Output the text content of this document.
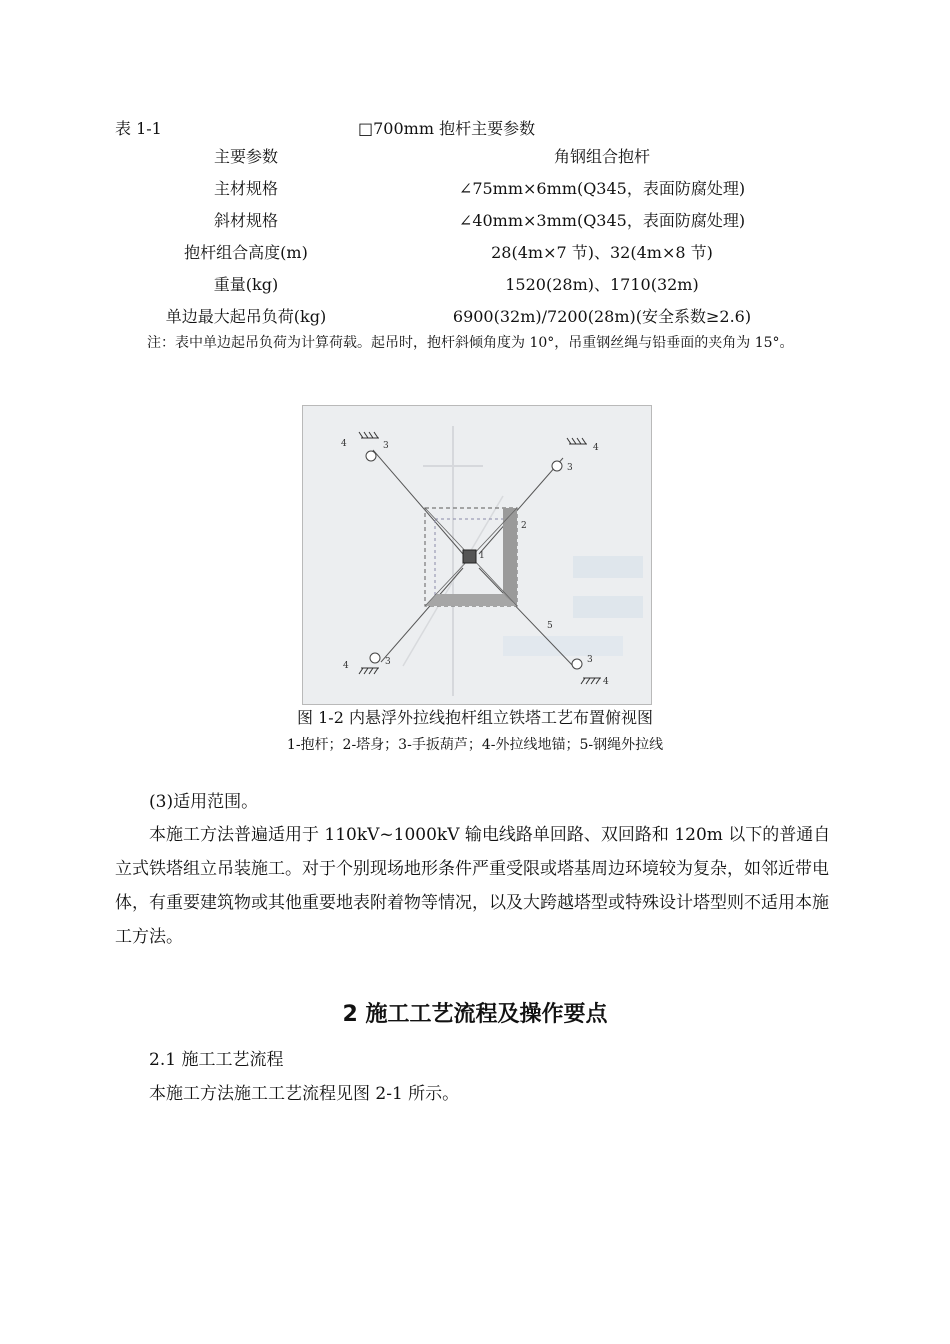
表 1-1	□700mm 抱杆主要参数
主要参数	角钢组合抱杆
主材规格	∠75mm×6mm(Q345，表面防腐处理)
斜材规格	∠40mm×3mm(Q345，表面防腐处理)
抱杆组合高度(m)	28(4m×7 节)、32(4m×8 节)
重量(kg)	1520(28m)、1710(32m)
单边最大起吊负荷(kg)	6900(32m)/7200(28m)(安全系数≥2.6)
注：表中单边起吊负荷为计算荷载。起吊时，抱杆斜倾角度为 10°，吊重钢丝绳与铅垂面的夹角为 15°。
1
2
3
3
3	3
4	4
4
4
5
图 1-2 内悬浮外拉线抱杆组立铁塔工艺布置俯视图
1-抱杆；2-塔身；3-手扳葫芦；4-外拉线地锚；5-钢绳外拉线
(3)适用范围。
本施工方法普遍适用于 110kV~1000kV 输电线路单回路、双回路和 120m 以下的普通自立式铁塔组立吊装施工。对于个别现场地形条件严重受限或塔基周边环境较为复杂，如邻近带电体，有重要建筑物或其他重要地表附着物等情况，以及大跨越塔型或特殊设计塔型则不适用本施工方法。
2 施工工艺流程及操作要点
2.1 施工工艺流程
本施工方法施工工艺流程见图 2-1 所示。
